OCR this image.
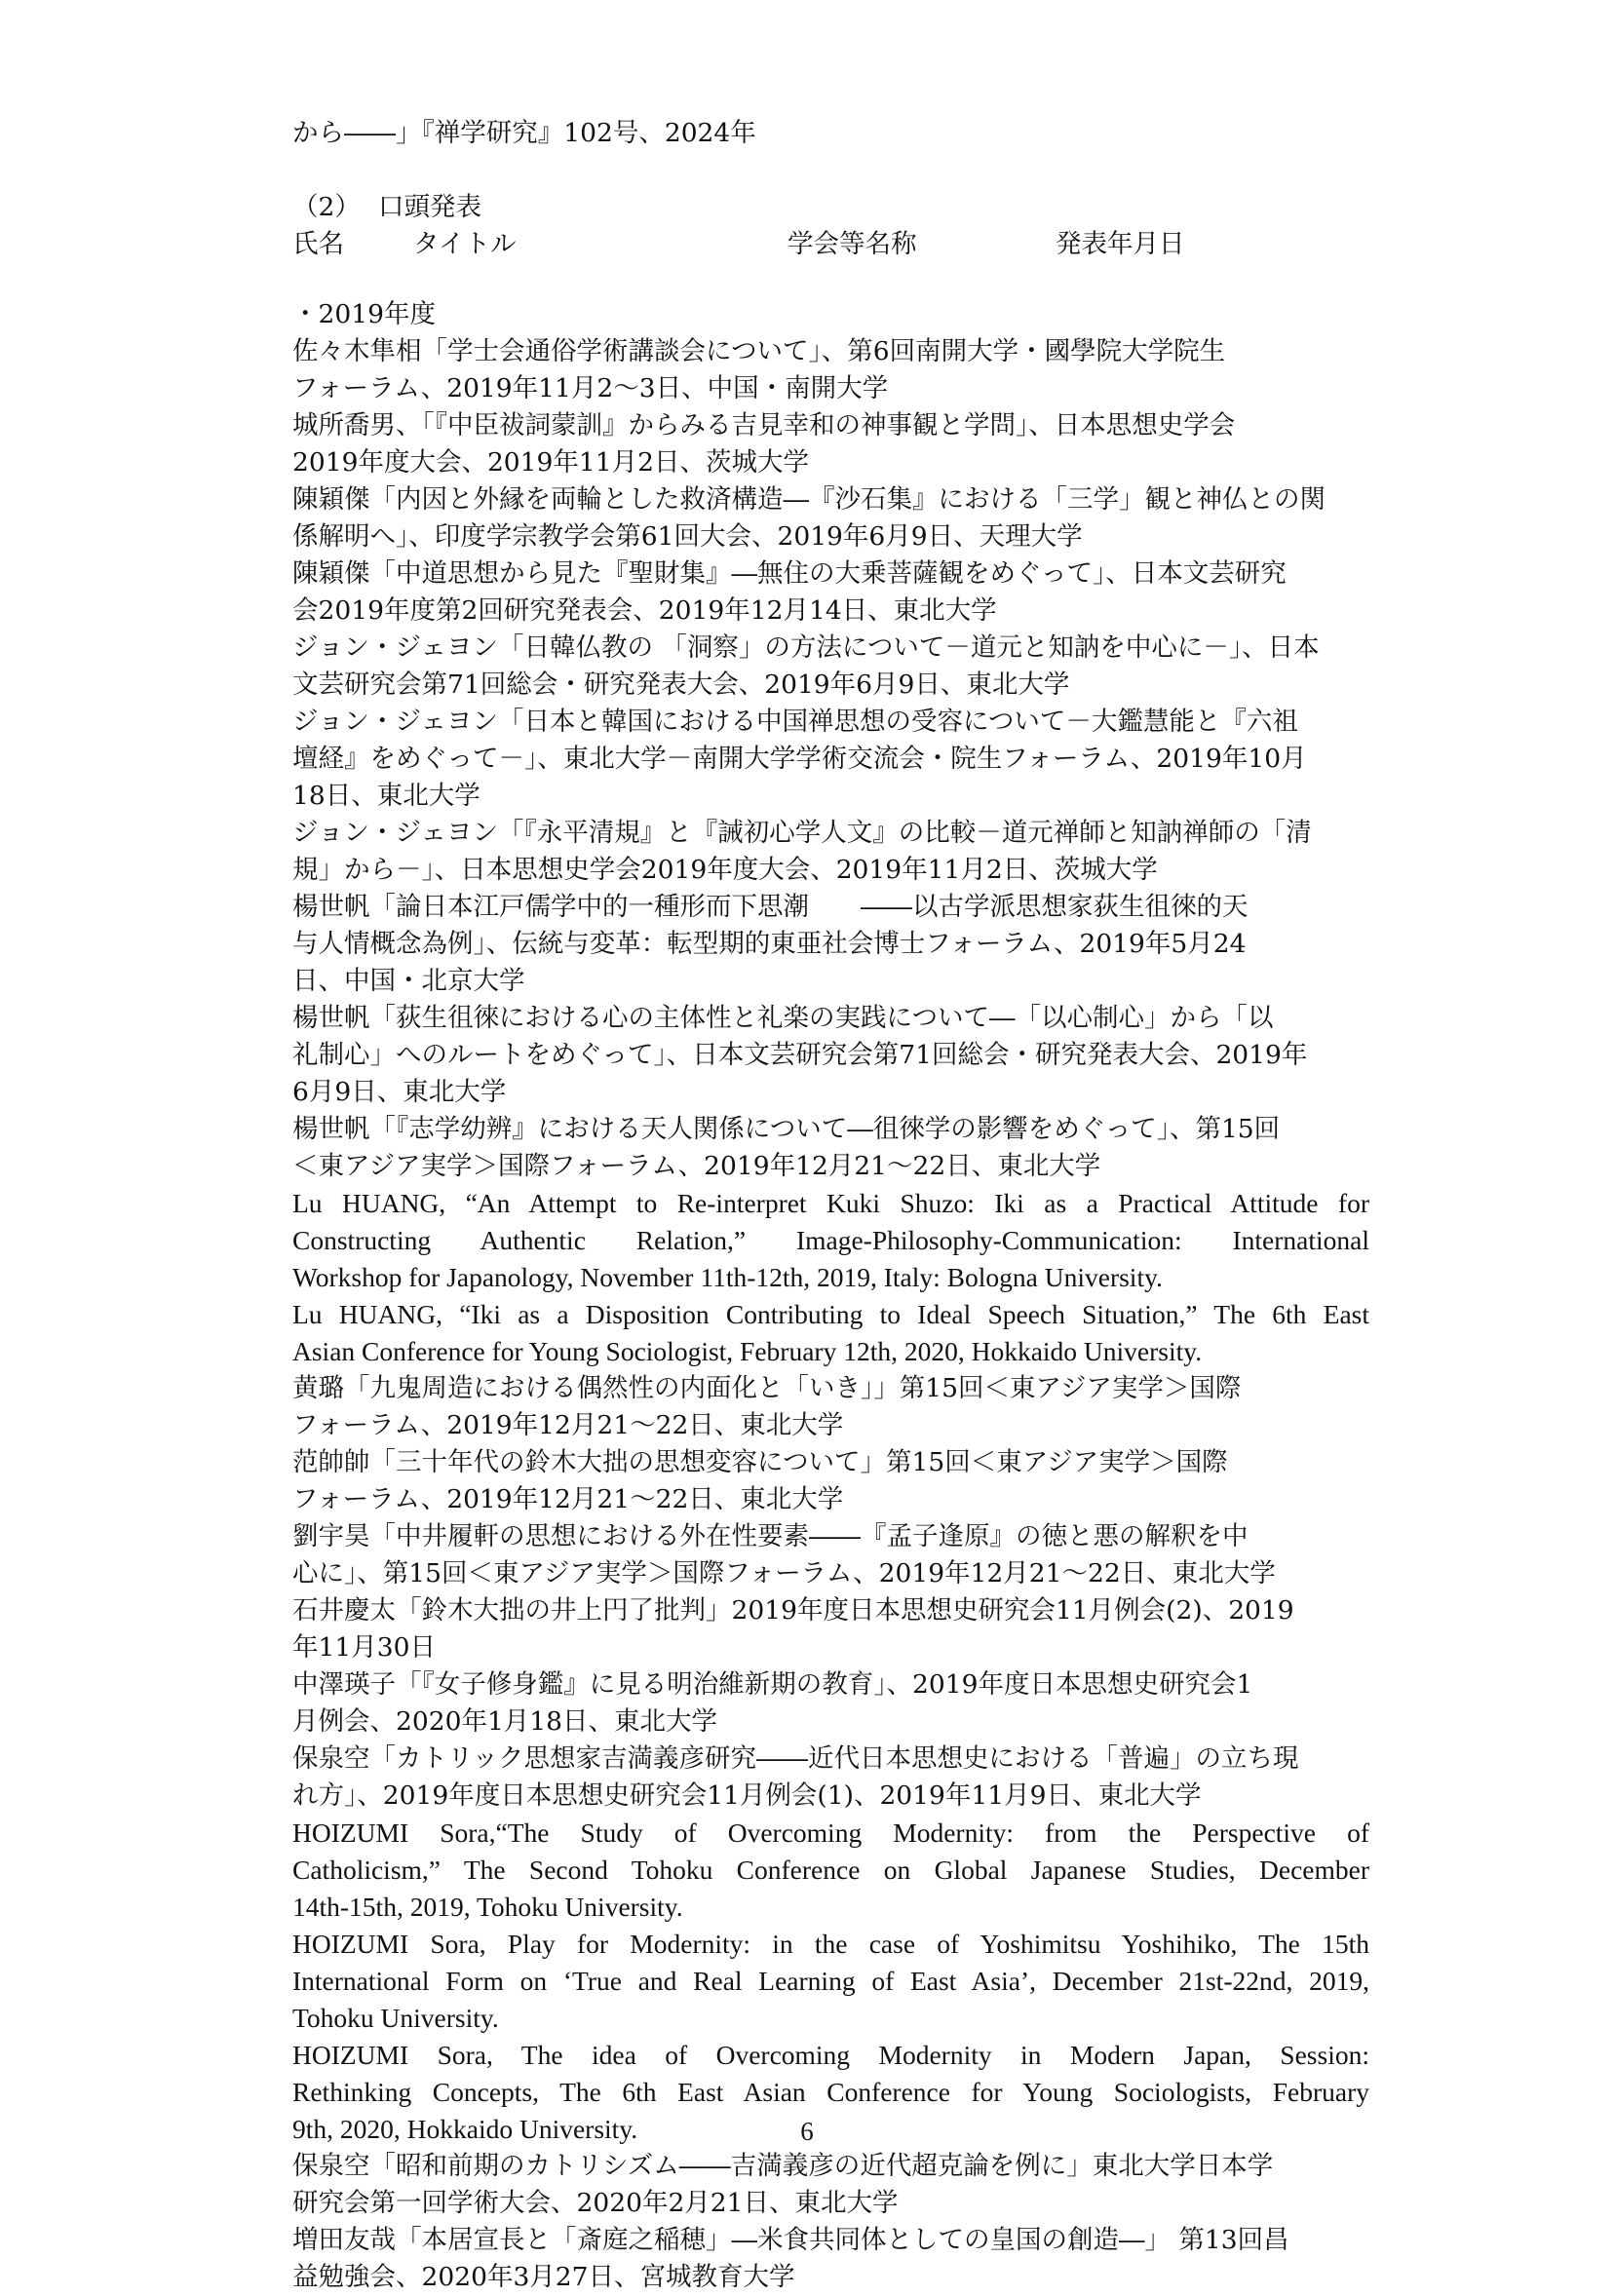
から――」『禅学研究』102号、2024年
（2） 口頭発表
氏名	タイトル	学会等名称	発表年月日
・2019年度
佐々木隼相「学士会通俗学術講談会について」、第6回南開大学・國學院大学院生
フォーラム、2019年11月2～3日、中国・南開大学
城所喬男、「『中臣祓詞蒙訓』からみる吉見幸和の神事観と学問」、日本思想史学会
2019年度大会、2019年11月2日、茨城大学
陳穎傑「内因と外縁を両輪とした救済構造―『沙石集』における「三学」観と神仏との関
係解明へ」、印度学宗教学会第61回大会、2019年6月9日、天理大学
陳穎傑「中道思想から見た『聖財集』―無住の大乗菩薩観をめぐって」、日本文芸研究
会2019年度第2回研究発表会、2019年12月14日、東北大学
ジョン・ジェヨン「日韓仏教の 「洞察」の方法について－道元と知訥を中心に－」、日本
文芸研究会第71回総会・研究発表大会、2019年6月9日、東北大学
ジョン・ジェヨン「日本と韓国における中国禅思想の受容について－大鑑慧能と『六祖
壇経』をめぐって－」、東北大学－南開大学学術交流会・院生フォーラム、2019年10月
18日、東北大学
ジョン・ジェヨン「『永平清規』と『誡初心学人文』の比較－道元禅師と知訥禅師の「清
規」から－」、日本思想史学会2019年度大会、2019年11月2日、茨城大学
楊世帆「論日本江戸儒学中的一種形而下思潮　　――以古学派思想家荻生徂徠的天
与人情概念為例」、伝統与変革：転型期的東亜社会博士フォーラム、2019年5月24
日、中国・北京大学
楊世帆「荻生徂徠における心の主体性と礼楽の実践について―「以心制心」から「以
礼制心」へのルートをめぐって」、日本文芸研究会第71回総会・研究発表大会、2019年
6月9日、東北大学
楊世帆「『志学幼辨』における天人関係について―徂徠学の影響をめぐって」、第15回
＜東アジア実学＞国際フォーラム、2019年12月21～22日、東北大学
Lu HUANG, “An Attempt to Re-interpret Kuki Shuzo: Iki as a Practical Attitude for
Constructing Authentic Relation,” Image-Philosophy-Communication: International
Workshop for Japanology, November 11th-12th, 2019, Italy: Bologna University.
Lu HUANG, “Iki as a Disposition Contributing to Ideal Speech Situation,” The 6th East
Asian Conference for Young Sociologist, February 12th, 2020, Hokkaido University.
黄璐「九鬼周造における偶然性の内面化と「いき」」第15回＜東アジア実学＞国際
フォーラム、2019年12月21～22日、東北大学
范帥帥「三十年代の鈴木大拙の思想変容について」第15回＜東アジア実学＞国際
フォーラム、2019年12月21～22日、東北大学
劉宇昊「中井履軒の思想における外在性要素――『孟子逢原』の徳と悪の解釈を中
心に」、第15回＜東アジア実学＞国際フォーラム、2019年12月21～22日、東北大学
石井慶太「鈴木大拙の井上円了批判」2019年度日本思想史研究会11月例会(2)、2019
年11月30日
中澤瑛子「『女子修身鑑』に見る明治維新期の教育」、2019年度日本思想史研究会1
月例会、2020年1月18日、東北大学
保泉空「カトリック思想家吉満義彦研究――近代日本思想史における「普遍」の立ち現
れ方」、2019年度日本思想史研究会11月例会(1)、2019年11月9日、東北大学
HOIZUMI Sora,“The Study of Overcoming Modernity: from the Perspective of
Catholicism,” The Second Tohoku Conference on Global Japanese Studies, December
14th-15th, 2019, Tohoku University.
HOIZUMI Sora, Play for Modernity: in the case of Yoshimitsu Yoshihiko, The 15th
International Form on ‘True and Real Learning of East Asia’, December 21st-22nd, 2019,
Tohoku University.
HOIZUMI Sora, The idea of Overcoming Modernity in Modern Japan, Session:
Rethinking Concepts, The 6th East Asian Conference for Young Sociologists, February
9th, 2020, Hokkaido University.
保泉空「昭和前期のカトリシズム――吉満義彦の近代超克論を例に」東北大学日本学
研究会第一回学術大会、2020年2月21日、東北大学
増田友哉「本居宣長と「斎庭之稲穂」―米食共同体としての皇国の創造―」 第13回昌
益勉強会、2020年3月27日、宮城教育大学
6
